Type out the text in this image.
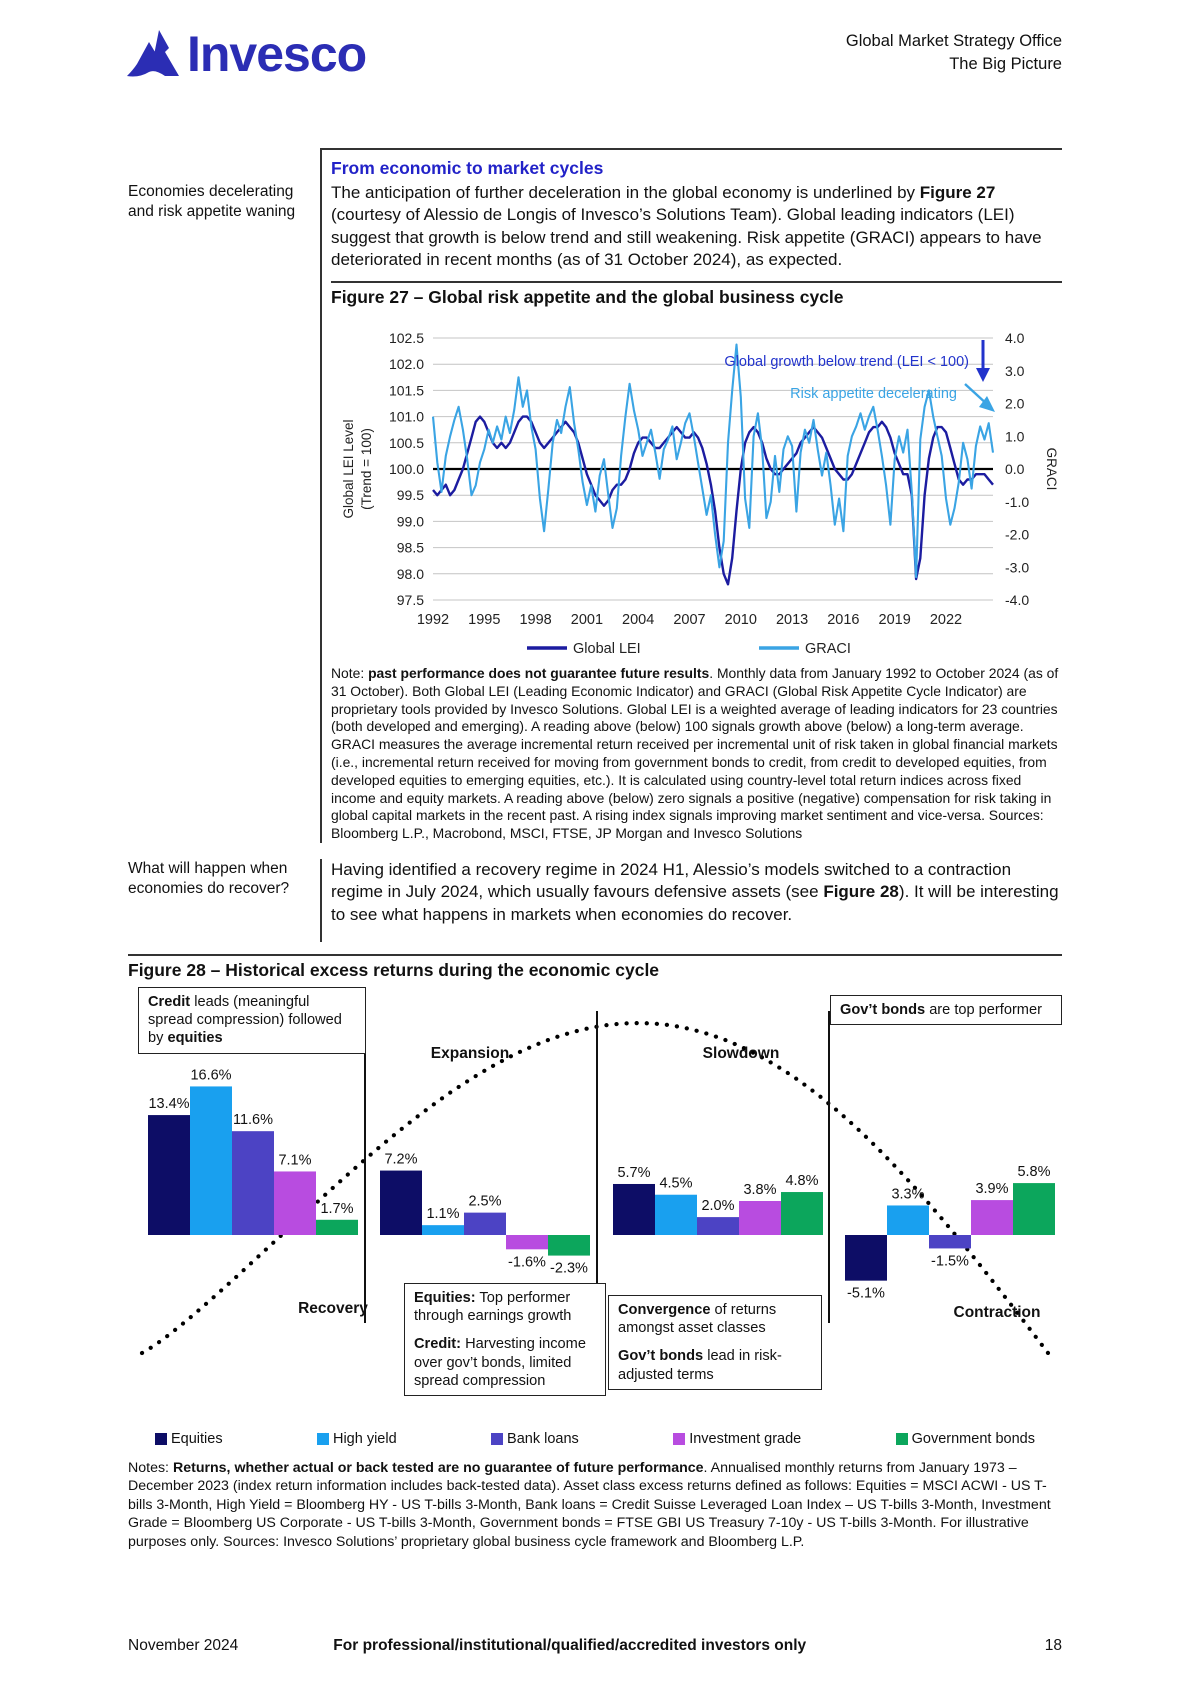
Invesco	Global Market Strategy Office
The Big Picture

Economies decelerating and risk appetite waning

From economic to market cycles

The anticipation of further deceleration in the global economy is underlined by Figure 27 (courtesy of Alessio de Longis of Invesco’s Solutions Team). Global leading indicators (LEI) suggest that growth is below trend and still weakening. Risk appetite (GRACI) appears to have deteriorated in recent months (as of 31 October 2024), as expected.

Figure 27 – Global risk appetite and the global business cycle
102.5
102.0
101.5
101.0
100.5
100.0
99.5
99.0
98.5
98.0
97.5
4.0
3.0
2.0
1.0
0.0
-1.0
-2.0
-3.0
-4.0
1992 1995 1998 2001 2004 2007 2010 2013 2016 2019 2022
Global LEI Level (Trend = 100)	GRACI
Global growth below trend (LEI < 100)
Risk appetite decelerating
Global LEI	GRACI

Note: past performance does not guarantee future results. Monthly data from January 1992 to October 2024 (as of 31 October). Both Global LEI (Leading Economic Indicator) and GRACI (Global Risk Appetite Cycle Indicator) are proprietary tools provided by Invesco Solutions. Global LEI is a weighted average of leading indicators for 23 countries (both developed and emerging). A reading above (below) 100 signals growth above (below) a long-term average. GRACI measures the average incremental return received per incremental unit of risk taken in global financial markets (i.e., incremental return received for moving from government bonds to credit, from credit to developed equities, from developed equities to emerging equities, etc.). It is calculated using country-level total return indices across fixed income and equity markets. A reading above (below) zero signals a positive (negative) compensation for risk taking in global capital markets in the recent past. A rising index signals improving market sentiment and vice-versa. Sources: Bloomberg L.P., Macrobond, MSCI, FTSE, JP Morgan and Invesco Solutions

What will happen when economies do recover?

Having identified a recovery regime in 2024 H1, Alessio’s models switched to a contraction regime in July 2024, which usually favours defensive assets (see Figure 28). It will be interesting to see what happens in markets when economies do recover.

Figure 28 – Historical excess returns during the economic cycle
13.4%
16.6%
11.6%
7.1%
1.7%
7.2%
1.1%
2.5%
-1.6% -2.3%
5.7%
4.5%
2.0%
3.8%
4.8%
-5.1%
3.3%
-1.5%
3.9%
5.8%
Recovery
Expansion	Slowdown
Contraction
Credit leads (meaningful spread compression) followed by equities
Gov’t bonds are top performer

Equities: Top performer through earnings growth

Credit: Harvesting income over gov’t bonds, limited spread compression

Convergence of returns amongst asset classes

Gov’t bonds lead in risk-adjusted terms

Equities	High yield	Bank loans	Investment grade	Government bonds

Notes: Returns, whether actual or back tested are no guarantee of future performance. Annualised monthly returns from January 1973 – December 2023 (index return information includes back-tested data). Asset class excess returns defined as follows: Equities = MSCI ACWI - US T-bills 3-Month, High Yield = Bloomberg HY - US T-bills 3-Month, Bank loans = Credit Suisse Leveraged Loan Index – US T-bills 3-Month, Investment Grade = Bloomberg US Corporate - US T-bills 3-Month, Government bonds = FTSE GBI US Treasury 7-10y - US T-bills 3-Month. For illustrative purposes only. Sources: Invesco Solutions’ proprietary global business cycle framework and Bloomberg L.P.

November 2024	For professional/institutional/qualified/accredited investors only	18
